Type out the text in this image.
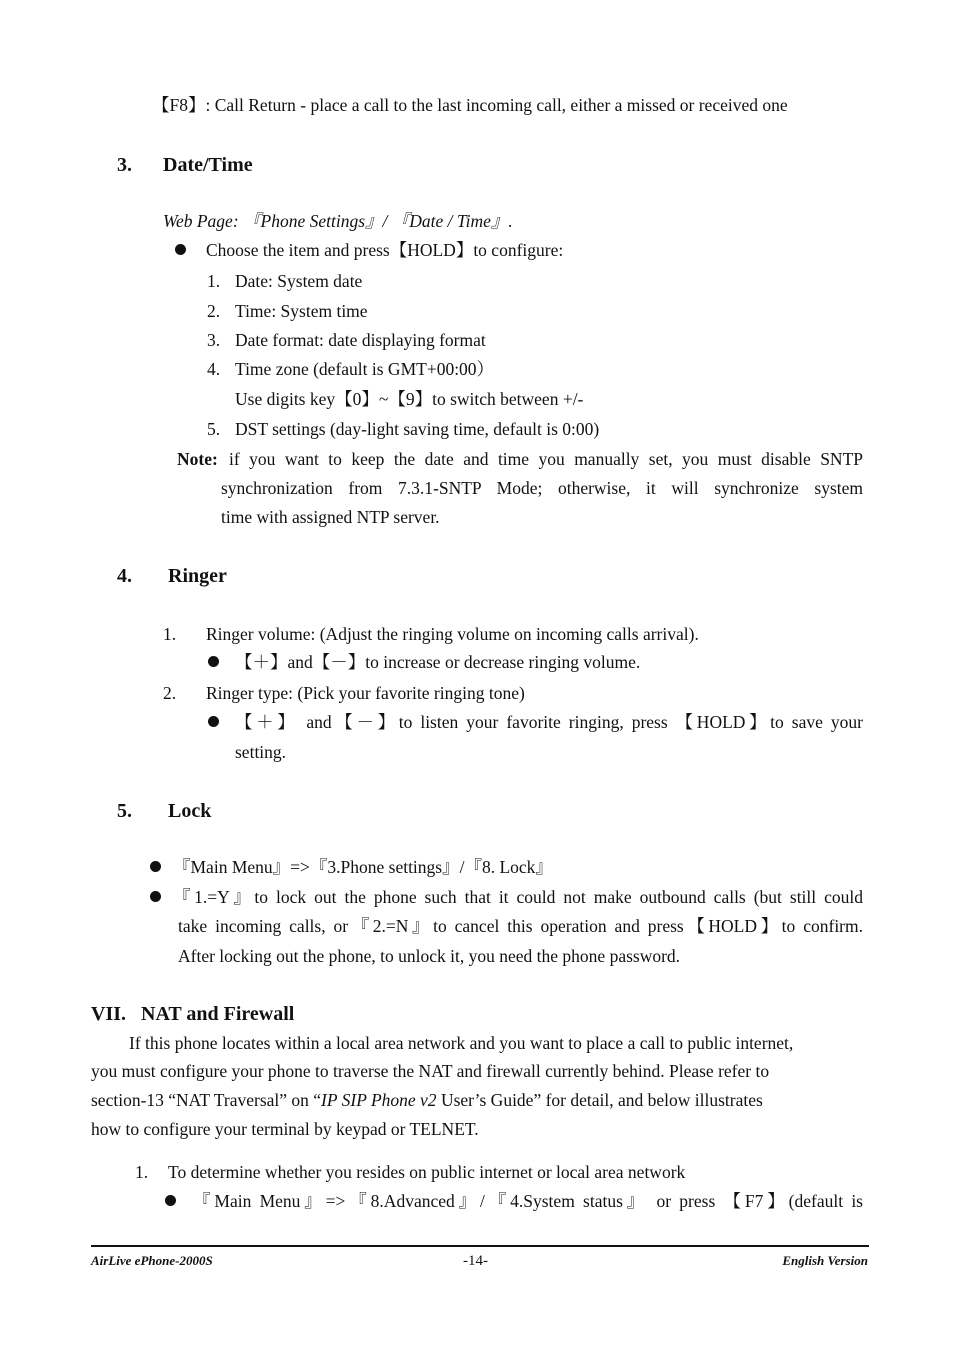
【F8】: Call Return - place a call to the last incoming call, either a missed or received one
3. Date/Time
Web Page: 『Phone Settings』/ 『Date / Time』.
Choose the item and press【HOLD】to configure:
1. Date: System date
2. Time: System time
3. Date format: date displaying format
4. Time zone (default is GMT+00:00）
Use digits key【0】~【9】to switch between +/-
5. DST settings (day-light saving time, default is 0:00)
Note: if you want to keep the date and time you manually set, you must disable SNTP
synchronization from 7.3.1-SNTP Mode; otherwise, it will synchronize system
time with assigned NTP server.
4. Ringer
1. Ringer volume: (Adjust the ringing volume on incoming calls arrival).
【＋】and【－】to increase or decrease ringing volume.
2. Ringer type: (Pick your favorite ringing tone)
【＋】 and【－】to listen your favorite ringing, press 【HOLD】to save your
setting.
5. Lock
『Main Menu』=>『3.Phone settings』/『8. Lock』
『1.=Y』to lock out the phone such that it could not make outbound calls (but still could
take incoming calls, or『2.=N』to cancel this operation and press【HOLD】to confirm.
After locking out the phone, to unlock it, you need the phone password.
VII.   NAT and Firewall
If this phone locates within a local area network and you want to place a call to public internet,
you must configure your phone to traverse the NAT and firewall currently behind. Please refer to
section-13 “NAT Traversal” on “IP SIP Phone v2 User’s Guide” for detail, and below illustrates
how to configure your terminal by keypad or TELNET.
1. To determine whether you resides on public internet or local area network
『Main Menu』=>『8.Advanced』/『4.System status』 or press 【F7】(default is
AirLive ePhone-2000S	-14-	English Version
